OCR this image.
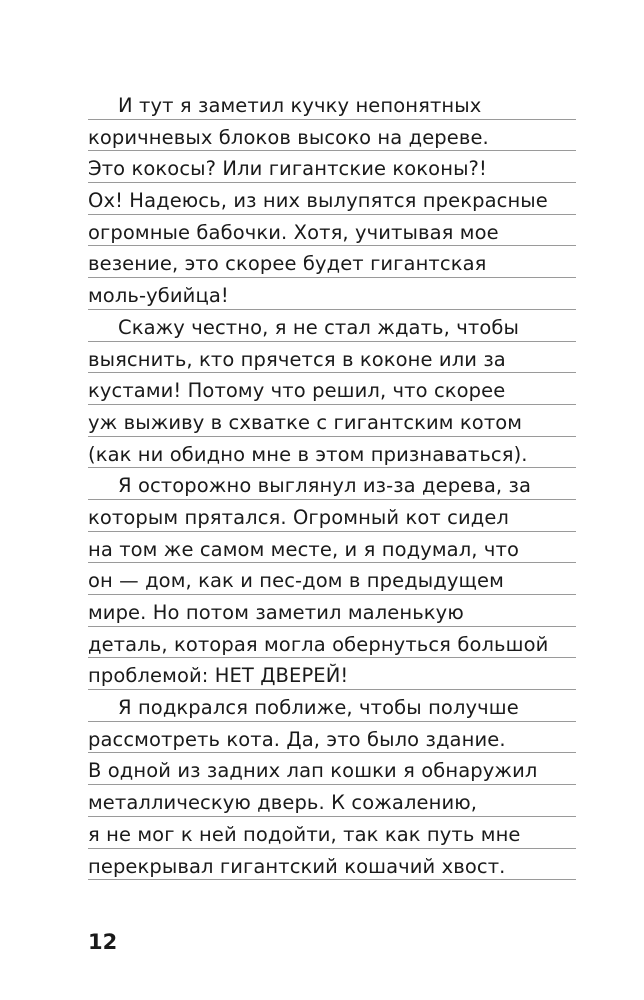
И тут я заметил кучку непонятных
коричневых блоков высоко на дереве.
Это кокосы? Или гигантские коконы?!
Ох! Надеюсь, из них вылупятся прекрасные
огромные бабочки. Хотя, учитывая мое
везение, это скорее будет гигантская
моль-убийца!
Скажу честно, я не стал ждать, чтобы
выяснить, кто прячется в коконе или за
кустами! Потому что решил, что скорее
уж выживу в схватке с гигантским котом
(как ни обидно мне в этом признаваться).
Я осторожно выглянул из-за дерева, за
которым прятался. Огромный кот сидел
на том же самом месте, и я подумал, что
он — дом, как и пес-дом в предыдущем
мире. Но потом заметил маленькую
деталь, которая могла обернуться большой
проблемой: НЕТ ДВЕРЕЙ!
Я подкрался поближе, чтобы получше
рассмотреть кота. Да, это было здание.
В одной из задних лап кошки я обнаружил
металлическую дверь. К сожалению,
я не мог к ней подойти, так как путь мне
перекрывал гигантский кошачий хвост.
12
